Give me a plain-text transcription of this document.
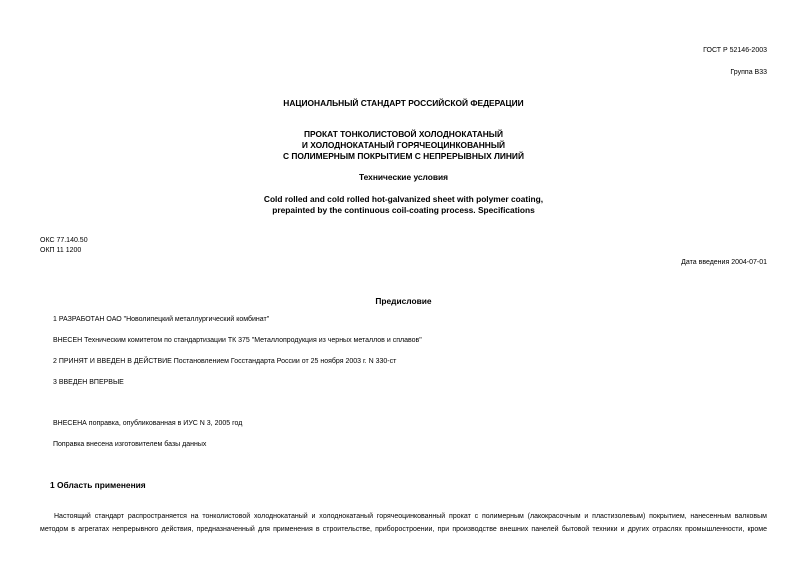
ГОСТ Р 52146-2003
Группа В33
НАЦИОНАЛЬНЫЙ СТАНДАРТ РОССИЙСКОЙ ФЕДЕРАЦИИ
ПРОКАТ ТОНКОЛИСТОВОЙ ХОЛОДНОКАТАНЫЙ
И ХОЛОДНОКАТАНЫЙ ГОРЯЧЕОЦИНКОВАННЫЙ
С ПОЛИМЕРНЫМ ПОКРЫТИЕМ С НЕПРЕРЫВНЫХ ЛИНИЙ
Технические условия
Cold rolled and cold rolled hot-galvanized sheet with polymer coating,
prepainted by the continuous coil-coating process. Specifications
ОКС 77.140.50
ОКП 11 1200
Дата введения 2004-07-01
Предисловие
1 РАЗРАБОТАН ОАО "Новолипецкий металлургический комбинат"
ВНЕСЕН Техническим комитетом по стандартизации ТК 375 "Металлопродукция из черных металлов и сплавов"
2 ПРИНЯТ И ВВЕДЕН В ДЕЙСТВИЕ Постановлением Госстандарта России от 25 ноября 2003 г. N 330-ст
3 ВВЕДЕН ВПЕРВЫЕ
ВНЕСЕНА поправка, опубликованная в ИУС N 3, 2005 год
Поправка внесена изготовителем базы данных
1 Область применения
Настоящий стандарт распространяется на тонколистовой холоднокатаный и холоднокатаный горячеоцинкованный прокат с полимерным (лакокрасочным и пластизолевым) покрытием, нанесенным валковым
методом в агрегатах непрерывного действия, предназначенный для применения в строительстве, приборостроении, при производстве внешних панелей бытовой техники и других отраслях промышленности, кроме
